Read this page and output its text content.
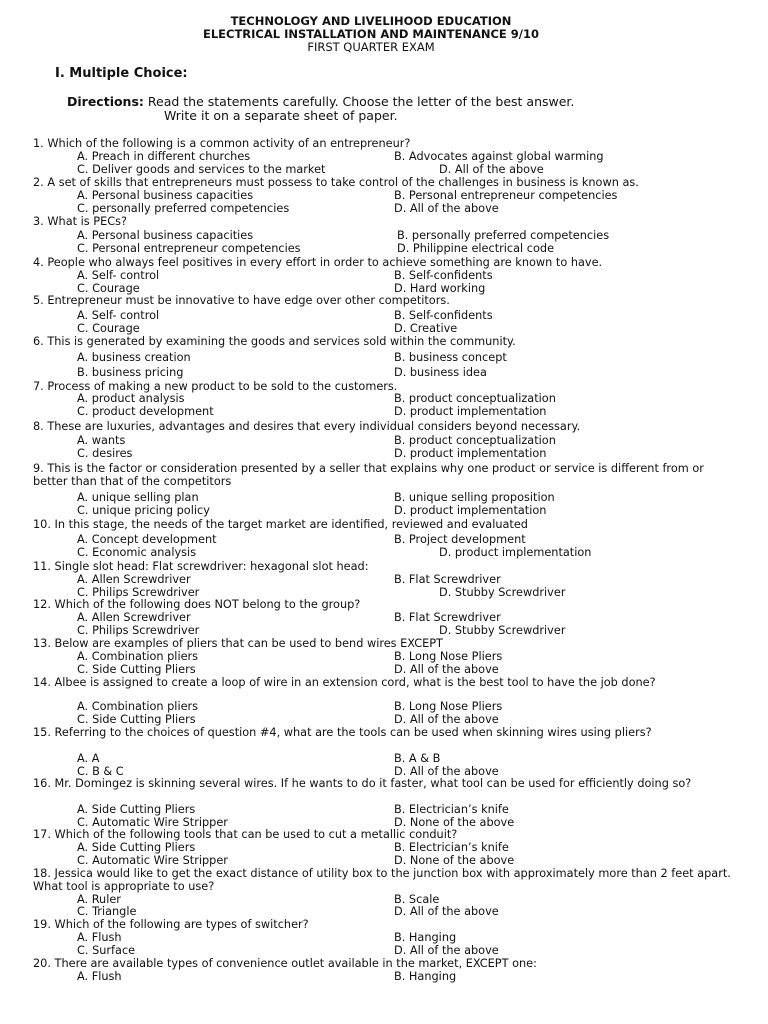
TECHNOLOGY AND LIVELIHOOD EDUCATION
ELECTRICAL INSTALLATION AND MAINTENANCE 9/10
FIRST QUARTER EXAM
I. Multiple Choice:
Directions: Read the statements carefully. Choose the letter of the best answer.
Write it on a separate sheet of paper.
1. Which of the following is a common activity of an entrepreneur?
A. Preach in different churches	B. Advocates against global warming
C. Deliver goods and services to the market	D. All of the above
2. A set of skills that entrepreneurs must possess to take control of the challenges in business is known as.
A. Personal business capacities	B. Personal entrepreneur competencies
C. personally preferred competencies	D. All of the above
3. What is PECs?
A. Personal business capacities	B. personally preferred competencies
C. Personal entrepreneur competencies	D. Philippine electrical code
4. People who always feel positives in every effort in order to achieve something are known to have.
A. Self- control	B. Self-confidents
C. Courage	D. Hard working
5. Entrepreneur must be innovative to have edge over other competitors.
A. Self- control	B. Self-confidents
C. Courage	D. Creative
6. This is generated by examining the goods and services sold within the community.
A. business creation	B. business concept
B. business pricing	D. business idea
7. Process of making a new product to be sold to the customers.
A. product analysis	B. product conceptualization
C. product development	D. product implementation
8. These are luxuries, advantages and desires that every individual considers beyond necessary.
A. wants	B. product conceptualization
C. desires	D. product implementation
9. This is the factor or consideration presented by a seller that explains why one product or service is different from or better than that of the competitors
A. unique selling plan	B. unique selling proposition
C. unique pricing policy	D. product implementation
10. In this stage, the needs of the target market are identified, reviewed and evaluated
A. Concept development	B. Project development
C. Economic analysis	D. product implementation
11. Single slot head: Flat screwdriver: hexagonal slot head:
A. Allen Screwdriver	B. Flat Screwdriver
C. Philips Screwdriver	D. Stubby Screwdriver
12. Which of the following does NOT belong to the group?
A. Allen Screwdriver	B. Flat Screwdriver
C. Philips Screwdriver	D. Stubby Screwdriver
13. Below are examples of pliers that can be used to bend wires EXCEPT
A. Combination pliers	B. Long Nose Pliers
C. Side Cutting Pliers	D. All of the above
14. Albee is assigned to create a loop of wire in an extension cord, what is the best tool to have the job done?
A. Combination pliers	B. Long Nose Pliers
C. Side Cutting Pliers	D. All of the above
15. Referring to the choices of question #4, what are the tools can be used when skinning wires using pliers?
A. A	B. A & B
C. B & C	D. All of the above
16. Mr. Domingez is skinning several wires. If he wants to do it faster, what tool can be used for efficiently doing so?
A. Side Cutting Pliers	B. Electrician’s knife
C. Automatic Wire Stripper	D. None of the above
17. Which of the following tools that can be used to cut a metallic conduit?
A. Side Cutting Pliers	B. Electrician’s knife
C. Automatic Wire Stripper	D. None of the above
18. Jessica would like to get the exact distance of utility box to the junction box with approximately more than 2 feet apart. What tool is appropriate to use?
A. Ruler	B. Scale
C. Triangle	D. All of the above
19. Which of the following are types of switcher?
A. Flush	B. Hanging
C. Surface	D. All of the above
20. There are available types of convenience outlet available in the market, EXCEPT one:
A. Flush	B. Hanging
